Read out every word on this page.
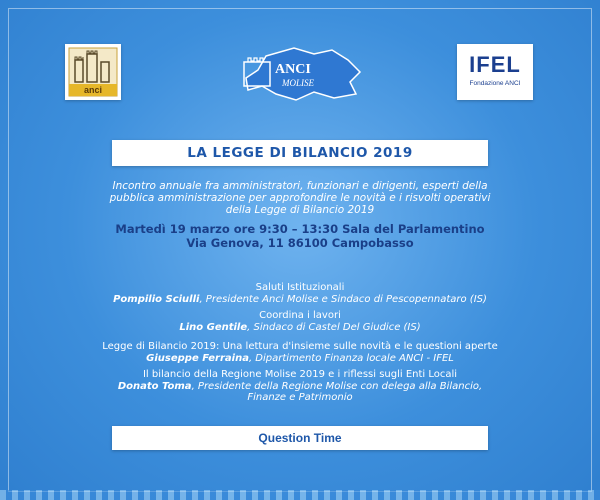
anci
ANCI
MOLISE
IFEL
Fondazione ANCI
LA LEGGE DI BILANCIO 2019
Incontro annuale fra amministratori, funzionari e dirigenti, esperti della
pubblica amministrazione per approfondire le novità e i risvolti operativi
della Legge di Bilancio 2019
Martedì 19 marzo ore 9:30 – 13:30 Sala del Parlamentino
Via Genova, 11 86100 Campobasso
Saluti Istituzionali
Pompilio Sciulli, Presidente Anci Molise e Sindaco di Pescopennataro (IS)
Coordina i lavori
Lino Gentile, Sindaco di Castel Del Giudice (IS)
Legge di Bilancio 2019: Una lettura d'insieme sulle novità e le questioni aperte
Giuseppe Ferraina, Dipartimento Finanza locale ANCI - IFEL
Il bilancio della Regione Molise 2019 e i riflessi sugli Enti Locali
Donato Toma, Presidente della Regione Molise con delega alla Bilancio,
Finanze e Patrimonio
Question Time
